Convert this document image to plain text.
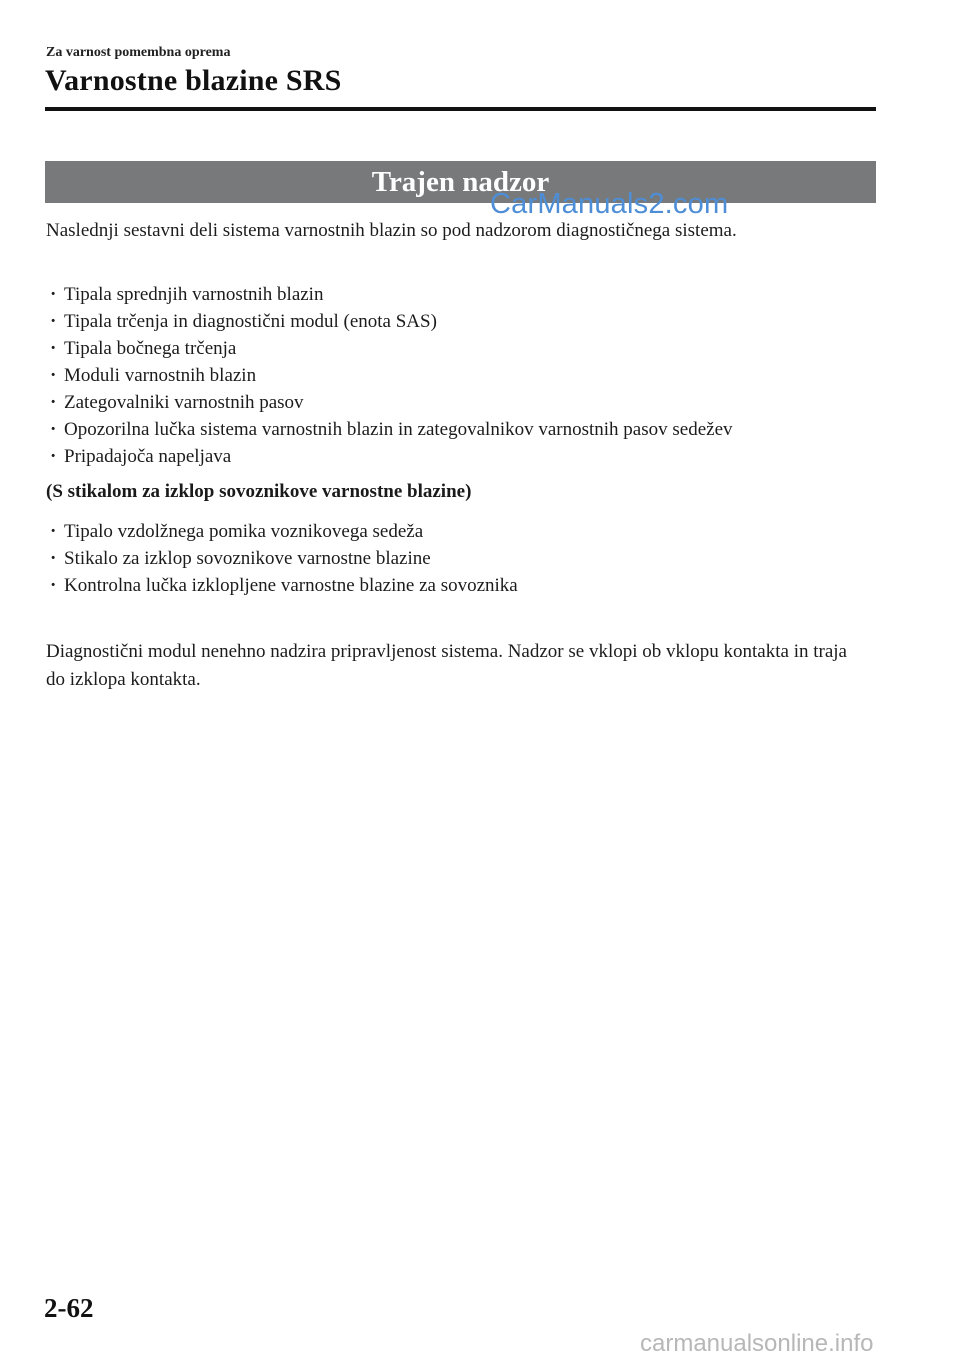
Za varnost pomembna oprema
Varnostne blazine SRS
Trajen nadzor
CarManuals2.com
Naslednji sestavni deli sistema varnostnih blazin so pod nadzorom diagnostičnega sistema.
· Tipala sprednjih varnostnih blazin
· Tipala trčenja in diagnostični modul (enota SAS)
· Tipala bočnega trčenja
· Moduli varnostnih blazin
· Zategovalniki varnostnih pasov
· Opozorilna lučka sistema varnostnih blazin in zategovalnikov varnostnih pasov sedežev
· Pripadajoča napeljava
(S stikalom za izklop sovoznikove varnostne blazine)
· Tipalo vzdolžnega pomika voznikovega sedeža
· Stikalo za izklop sovoznikove varnostne blazine
· Kontrolna lučka izklopljene varnostne blazine za sovoznika
Diagnostični modul nenehno nadzira pripravljenost sistema. Nadzor se vklopi ob vklopu kontakta in traja do izklopa kontakta.
2-62
carmanualsonline.info
